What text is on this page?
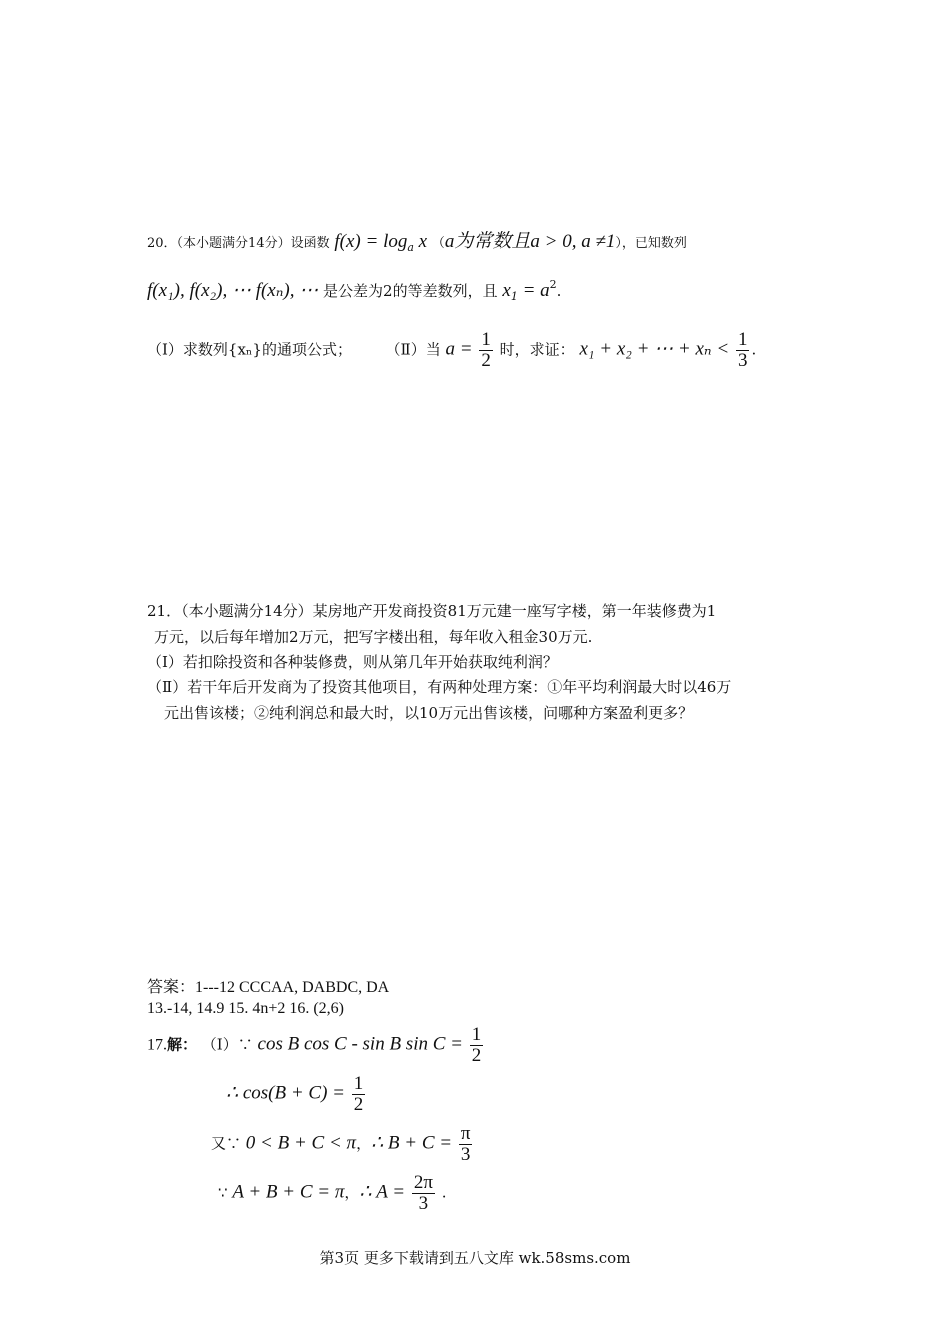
20．（本小题满分14分）设函数 $f(x) = \log_a x$ （a为常数且a > 0, a ≠1），已知数列
f(x₁), f(x₂), ⋯ f(xₙ), ⋯ 是公差为2的等差数列，且 $x_1 = a^2$.
（Ⅰ）求数列{xₙ}的通项公式； （Ⅱ）当 $a = \frac{1}{2}$ 时，求证： x₁ + x₂ + ⋯ + $x_n < \frac{1}{3}$ .
21．（本小题满分14分）某房地产开发商投资81万元建一座写字楼，第一年装修费为1
万元，以后每年增加2万元，把写字楼出租，每年收入租金30万元.
（Ⅰ）若扣除投资和各种装修费，则从第几年开始获取纯利润？
（Ⅱ）若干年后开发商为了投资其他项目，有两种处理方案：①年平均利润最大时以46万
元出售该楼；②纯利润总和最大时，以10万元出售该楼，问哪种方案盈利更多？
答案：1---12 CCCAA, DABDC, DA
13.-14, 14.9 15. 4n+2 16. (2,6)
17.解： （Ⅰ）∵ cos B cos C - sin B $\sin C = \frac{1}{2}$
∴ $\cos(B + C) = \frac{1}{2}$
又∵ 0 < B + C < π，∴ $B + C = \frac{\pi}{3}$
∵ A + B + C = π，∴ $A = \frac{2\pi}{3}$ .
第3页 更多下载请到五八文库 wk.58sms.com
